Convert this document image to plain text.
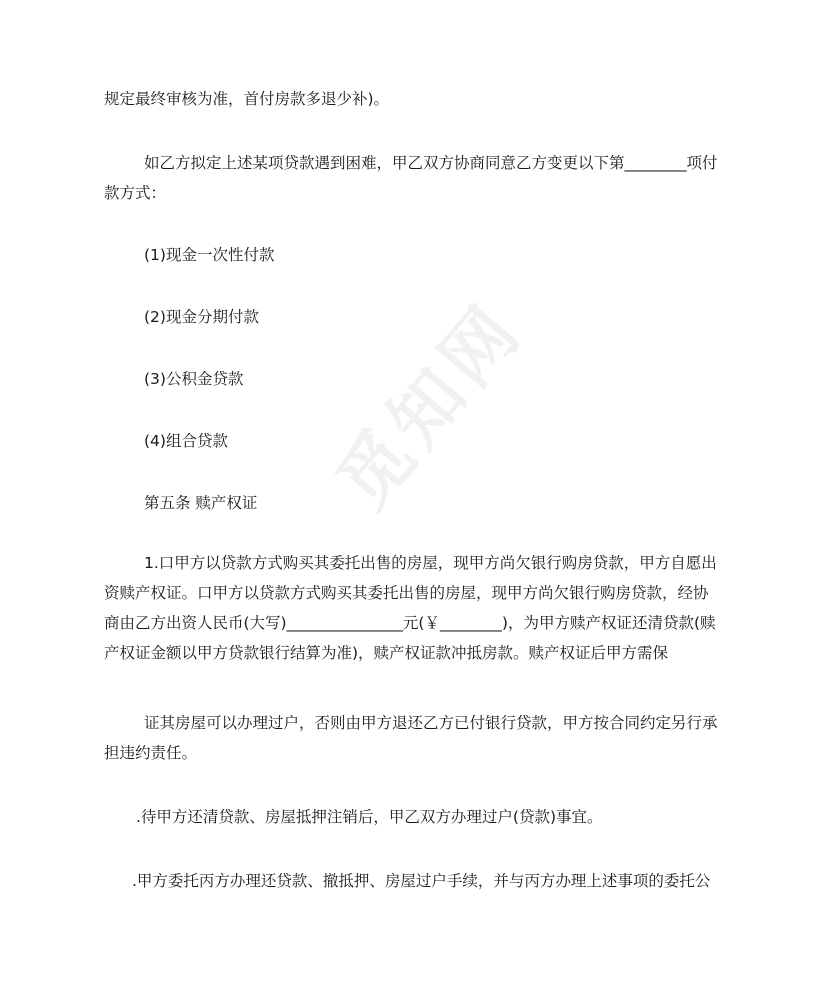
规定最终审核为准，首付房款多退少补)。
如乙方拟定上述某项贷款遇到困难，甲乙双方协商同意乙方变更以下第________项付
款方式：
(1)现金一次性付款
(2)现金分期付款
(3)公积金贷款
(4)组合贷款
第五条 赎产权证
1.口甲方以贷款方式购买其委托出售的房屋，现甲方尚欠银行购房贷款，甲方自愿出
资赎产权证。口甲方以贷款方式购买其委托出售的房屋，现甲方尚欠银行购房贷款，经协
商由乙方出资人民币(大写)_______________元(￥________)，为甲方赎产权证还清贷款(赎
产权证金额以甲方贷款银行结算为准)，赎产权证款冲抵房款。赎产权证后甲方需保
证其房屋可以办理过户，否则由甲方退还乙方已付银行贷款，甲方按合同约定另行承
担违约责任。
.待甲方还清贷款、房屋抵押注销后，甲乙双方办理过户(贷款)事宜。
.甲方委托丙方办理还贷款、撤抵押、房屋过户手续，并与丙方办理上述事项的委托公
觅知网
